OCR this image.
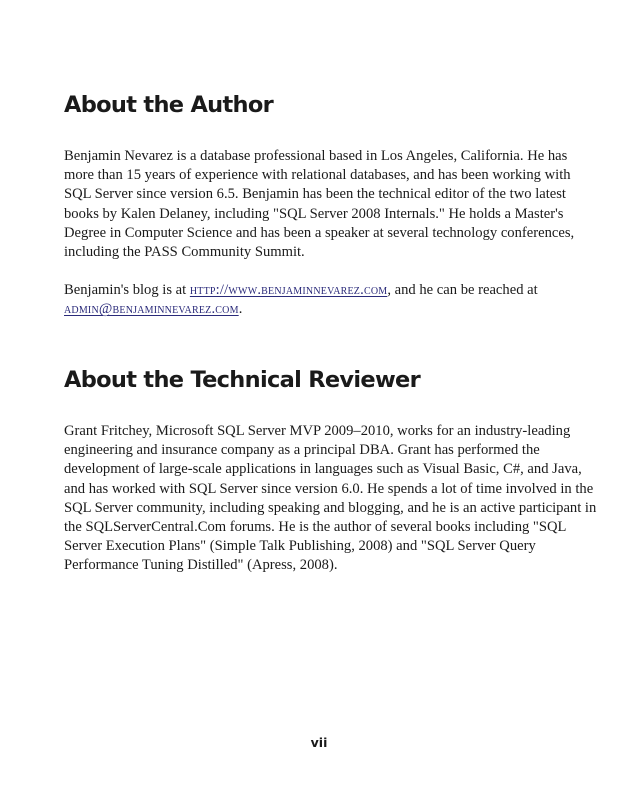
About the Author

Benjamin Nevarez is a database professional based in Los Angeles, California. He has more than 15 years of experience with relational databases, and has been working with SQL Server since version 6.5. Benjamin has been the technical editor of the two latest books by Kalen Delaney, including "SQL Server 2008 Internals." He holds a Master's Degree in Computer Science and has been a speaker at several technology conferences, including the PASS Community Summit.

Benjamin's blog is at http://www.benjaminnevarez.com, and he can be reached at admin@benjaminnevarez.com.

About the Technical Reviewer

Grant Fritchey, Microsoft SQL Server MVP 2009–2010, works for an industry-leading engineering and insurance company as a principal DBA. Grant has performed the development of large-scale applications in languages such as Visual Basic, C#, and Java, and has worked with SQL Server since version 6.0. He spends a lot of time involved in the SQL Server community, including speaking and blogging, and he is an active participant in the SQLServerCentral.Com forums. He is the author of several books including "SQL Server Execution Plans" (Simple Talk Publishing, 2008) and "SQL Server Query Performance Tuning Distilled" (Apress, 2008).

vii
